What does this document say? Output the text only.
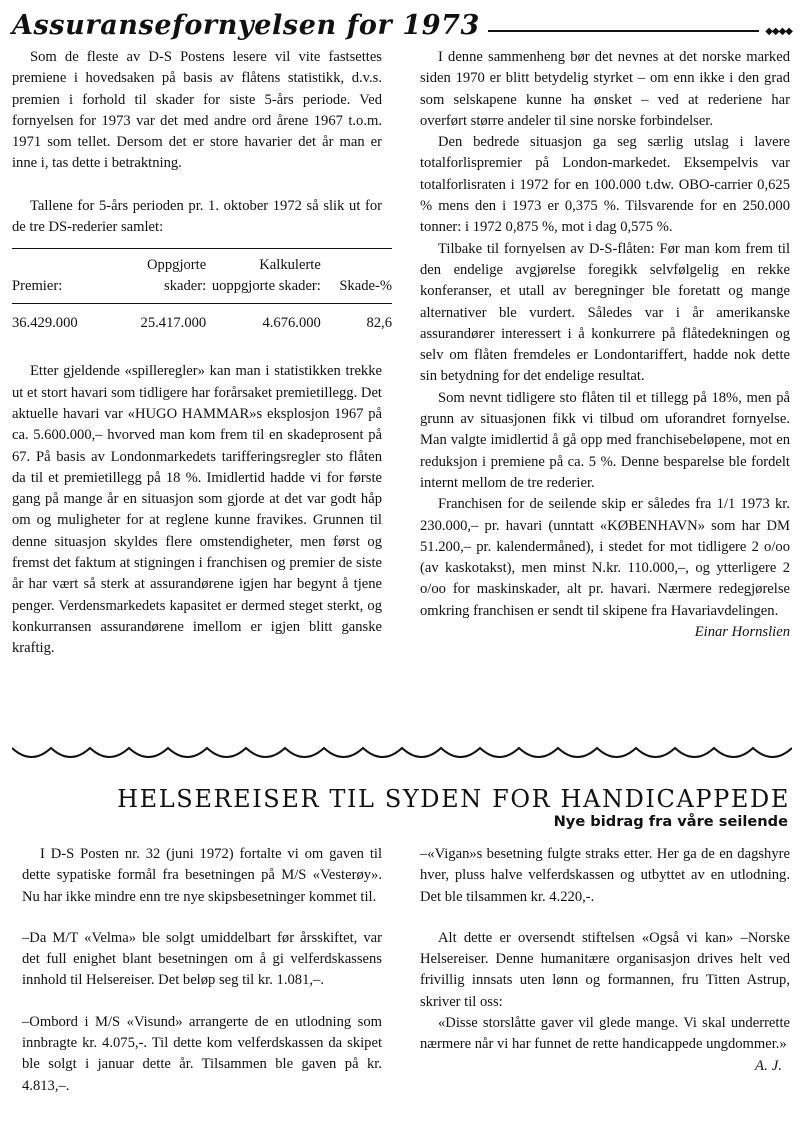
Assuransefornyelsen for 1973	◆◆◆◆

Som de fleste av D-S Postens lesere vil vite fastsettes premiene i hovedsaken på basis av flåtens statistikk, d.v.s. premien i forhold til skader for siste 5-års periode. Ved fornyelsen for 1973 var det med andre ord årene 1967 t.o.m. 1971 som tellet. Dersom det er store havarier det år man er inne i, tas dette i betraktning.

Tallene for 5-års perioden pr. 1. oktober 1972 så slik ut for de tre DS-rederier samlet:

Premier:	Oppgjorte skader:	Kalkulerte uoppgjorte skader:	Skade-%
36.429.000	25.417.000	4.676.000	82,6

Etter gjeldende «spilleregler» kan man i statistikken trekke ut et stort havari som tidligere har forårsaket premietillegg. Det aktuelle havari var «HUGO HAMMAR»s eksplosjon 1967 på ca. 5.600.000,– hvorved man kom frem til en skadeprosent på 67. På basis av Londonmarkedets tarifferingsregler sto flåten da til et premietillegg på 18 %. Imidlertid hadde vi for første gang på mange år en situasjon som gjorde at det var godt håp om og muligheter for at reglene kunne fravikes. Grunnen til denne situasjon skyldes flere omstendigheter, men først og fremst det faktum at stigningen i franchisen og premier de siste år har vært så sterk at assurandørene igjen har begynt å tjene penger. Verdensmarkedets kapasitet er dermed steget sterkt, og konkurransen assurandørene imellom er igjen blitt ganske kraftig.

I denne sammenheng bør det nevnes at det norske marked siden 1970 er blitt betydelig styrket – om enn ikke i den grad som selskapene kunne ha ønsket – ved at rederiene har overført større andeler til sine norske forbindelser.

Den bedrede situasjon ga seg særlig utslag i lavere totalforlispremier på London-markedet. Eksempelvis var totalforlisraten i 1972 for en 100.000 t.dw. OBO-carrier 0,625 % mens den i 1973 er 0,375 %. Tilsvarende for en 250.000 tonner: i 1972 0,875 %, mot i dag 0,575 %.

Tilbake til fornyelsen av D-S-flåten: Før man kom frem til den endelige avgjørelse foregikk selvfølgelig en rekke konferanser, et utall av beregninger ble foretatt og mange alternativer ble vurdert. Således var i år amerikanske assurandører interessert i å konkurrere på flåtedekningen og selv om flåten fremdeles er Londontariffert, hadde nok dette sin betydning for det endelige resultat.

Som nevnt tidligere sto flåten til et tillegg på 18%, men på grunn av situasjonen fikk vi tilbud om uforandret fornyelse. Man valgte imidlertid å gå opp med franchisebeløpene, mot en reduksjon i premiene på ca. 5 %. Denne besparelse ble fordelt internt mellom de tre rederier.

Franchisen for de seilende skip er således fra 1/1 1973 kr. 230.000,– pr. havari (unntatt «KØBENHAVN» som har DM 51.200,– pr. kalendermåned), i stedet for mot tidligere 2 o/oo (av kaskotakst), men minst N.kr. 110.000,–, og ytterligere 2 o/oo for maskinskader, alt pr. havari. Nærmere redegjørelse omkring franchisen er sendt til skipene fra Havariavdelingen.

Einar Hornslien

HELSEREISER TIL SYDEN FOR HANDICAPPEDE
Nye bidrag fra våre seilende

I D-S Posten nr. 32 (juni 1972) fortalte vi om gaven til dette sypatiske formål fra besetningen på M/S «Vesterøy». Nu har ikke mindre enn tre nye skipsbesetninger kommet til.

–Da M/T «Velma» ble solgt umiddelbart før årsskiftet, var det full enighet blant besetningen om å gi velferdskassens innhold til Helsereiser. Det beløp seg til kr. 1.081,–.

–Ombord i M/S «Visund» arrangerte de en utlodning som innbragte kr. 4.075,-. Til dette kom velferdskassen da skipet ble solgt i januar dette år. Tilsammen ble gaven på kr. 4.813,–.

–«Vigan»s besetning fulgte straks etter. Her ga de en dagshyre hver, pluss halve velferdskassen og utbyttet av en utlodning. Det ble tilsammen kr. 4.220,-.

Alt dette er oversendt stiftelsen «Også vi kan» –Norske Helsereiser. Denne humanitære organisasjon drives helt ved frivillig innsats uten lønn og formannen, fru Titten Astrup, skriver til oss:

«Disse storslåtte gaver vil glede mange. Vi skal underrette nærmere når vi har funnet de rette handicappede ungdommer.»

A. J.
